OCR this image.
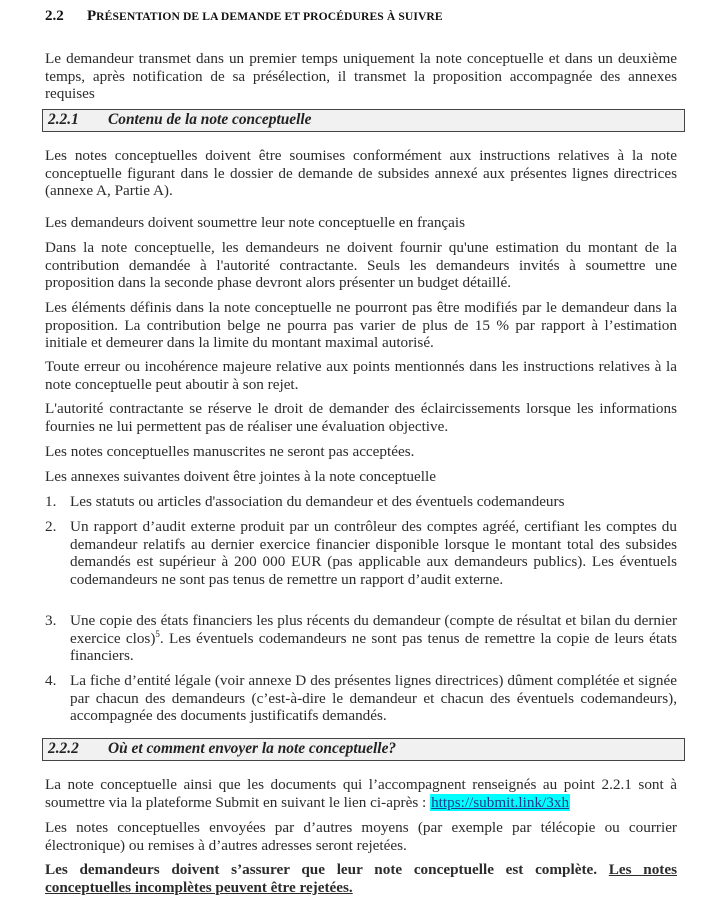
2.2 PRÉSENTATION DE LA DEMANDE ET PROCÉDURES À SUIVRE
Le demandeur transmet dans un premier temps uniquement la note conceptuelle et dans un deuxième temps, après notification de sa présélection, il transmet la proposition accompagnée des annexes requises
2.2.1 Contenu de la note conceptuelle
Les notes conceptuelles doivent être soumises conformément aux instructions relatives à la note conceptuelle figurant dans le dossier de demande de subsides annexé aux présentes lignes directrices (annexe A, Partie A).
Les demandeurs doivent soumettre leur note conceptuelle en français
Dans la note conceptuelle, les demandeurs ne doivent fournir qu'une estimation du montant de la contribution demandée à l'autorité contractante. Seuls les demandeurs invités à soumettre une proposition dans la seconde phase devront alors présenter un budget détaillé.
Les éléments définis dans la note conceptuelle ne pourront pas être modifiés par le demandeur dans la proposition. La contribution belge ne pourra pas varier de plus de 15 % par rapport à l’estimation initiale et demeurer dans la limite du montant maximal autorisé.
Toute erreur ou incohérence majeure relative aux points mentionnés dans les instructions relatives à la note conceptuelle peut aboutir à son rejet.
L'autorité contractante se réserve le droit de demander des éclaircissements lorsque les informations fournies ne lui permettent pas de réaliser une évaluation objective.
Les notes conceptuelles manuscrites ne seront pas acceptées.
Les annexes suivantes doivent être jointes à la note conceptuelle
1. Les statuts ou articles d'association du demandeur et des éventuels codemandeurs
2. Un rapport d’audit externe produit par un contrôleur des comptes agréé, certifiant les comptes du demandeur relatifs au dernier exercice financier disponible lorsque le montant total des subsides demandés est supérieur à 200 000 EUR (pas applicable aux demandeurs publics). Les éventuels codemandeurs ne sont pas tenus de remettre un rapport d’audit externe.
3. Une copie des états financiers les plus récents du demandeur (compte de résultat et bilan du dernier exercice clos)$^5$. Les éventuels codemandeurs ne sont pas tenus de remettre la copie de leurs états financiers.
4. La fiche d’entité légale (voir annexe D des présentes lignes directrices) dûment complétée et signée par chacun des demandeurs (c’est-à-dire le demandeur et chacun des éventuels codemandeurs), accompagnée des documents justificatifs demandés.
2.2.2 Où et comment envoyer la note conceptuelle?
La note conceptuelle ainsi que les documents qui l’accompagnent renseignés au point 2.2.1 sont à soumettre via la plateforme Submit en suivant le lien ci-après : https://submit.link/3xh
Les notes conceptuelles envoyées par d’autres moyens (par exemple par télécopie ou courrier électronique) ou remises à d’autres adresses seront rejetées.
Les demandeurs doivent s’assurer que leur note conceptuelle est complète. Les notes conceptuelles incomplètes peuvent être rejetées.
